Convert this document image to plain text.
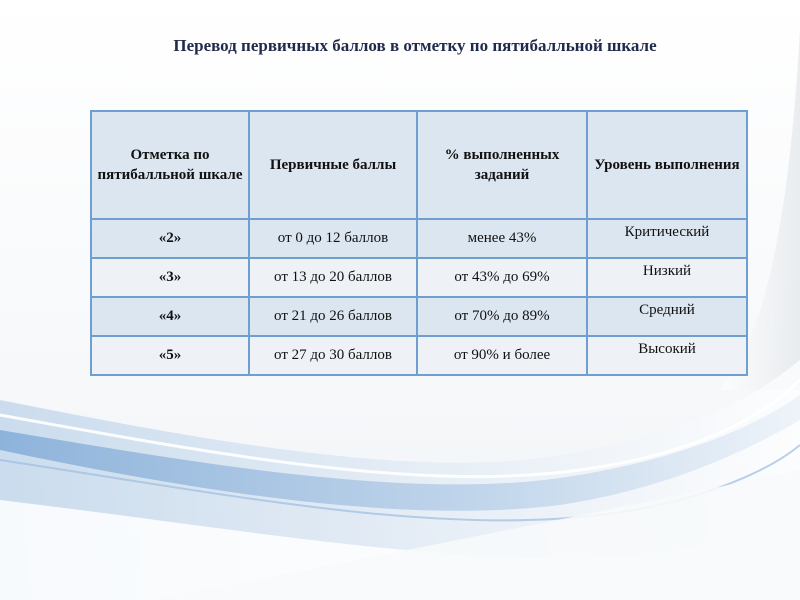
Перевод первичных баллов в отметку по пятибалльной шкале
Отметка по пятибалльной шкале	Первичные баллы	% выполненных заданий	Уровень выполнения
«2»	от 0 до 12 баллов	менее 43%	Критический
«3»	от 13 до 20 баллов	от 43% до 69%	Низкий
«4»	от 21 до 26 баллов	от 70% до 89%	Средний
«5»	от 27 до 30 баллов	от 90% и более	Высокий
